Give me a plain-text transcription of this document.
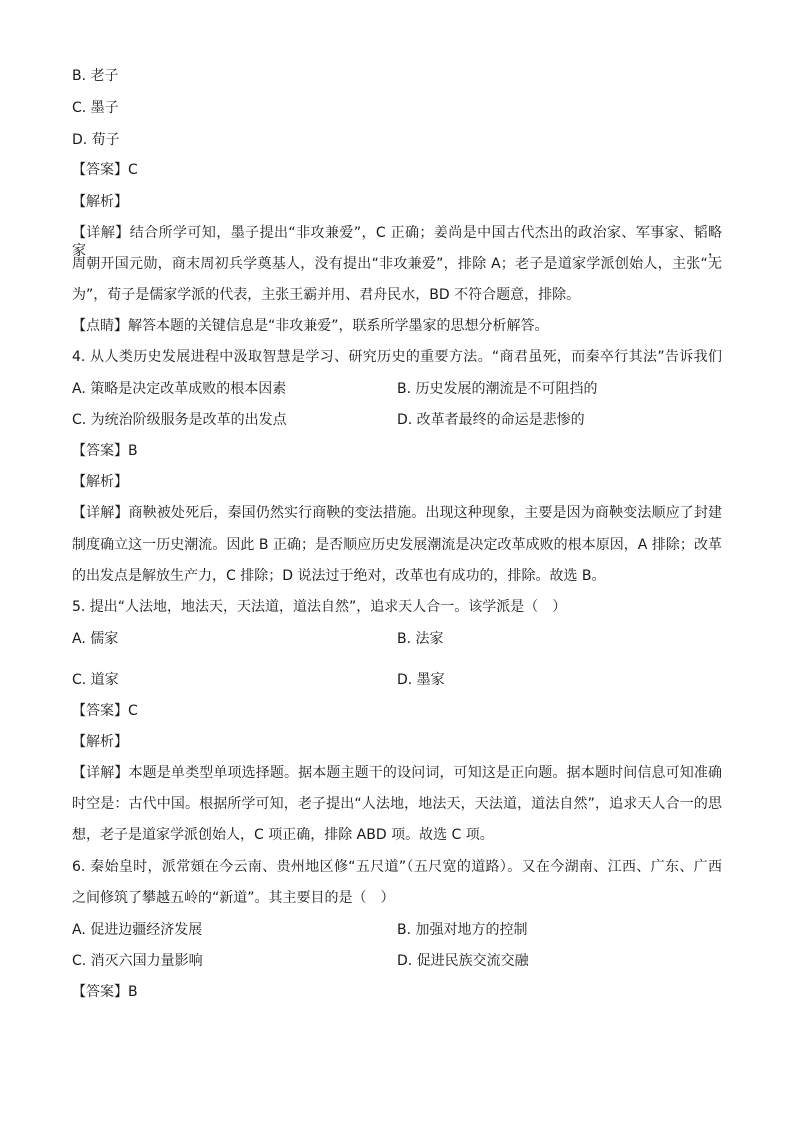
B. 老子
C. 墨子
D. 荀子
【答案】C
【解析】
【详解】结合所学可知，墨子提出“非攻兼爱”，C 正确；姜尚是中国古代杰出的政治家、军事家、韬略家，
周朝开国元勋，商末周初兵学奠基人，没有提出“非攻兼爱”，排除 A；老子是道家学派创始人，主张“无
为”，荀子是儒家学派的代表，主张王霸并用、君舟民水，BD 不符合题意，排除。
【点睛】解答本题的关键信息是“非攻兼爱”，联系所学墨家的思想分析解答。
4. 从人类历史发展进程中汲取智慧是学习、研究历史的重要方法。“商君虽死，而秦卒行其法”告诉我们
A. 策略是决定改革成败的根本因素	B. 历史发展的潮流是不可阻挡的
C. 为统治阶级服务是改革的出发点	D. 改革者最终的命运是悲惨的
【答案】B
【解析】
【详解】商鞅被处死后，秦国仍然实行商鞅的变法措施。出现这种现象，主要是因为商鞅变法顺应了封建
制度确立这一历史潮流。因此 B 正确；是否顺应历史发展潮流是决定改革成败的根本原因，A 排除；改革
的出发点是解放生产力，C 排除；D 说法过于绝对，改革也有成功的，排除。故选 B。
5. 提出“人法地，地法天，天法道，道法自然”，追求天人合一。该学派是（　）
A. 儒家	B. 法家
C. 道家	D. 墨家
【答案】C
【解析】
【详解】本题是单类型单项选择题。据本题主题干的设问词，可知这是正向题。据本题时间信息可知准确
时空是：古代中国。根据所学可知，老子提出“人法地，地法天，天法道，道法自然”，追求天人合一的思
想，老子是道家学派创始人，C 项正确，排除 ABD 项。故选 C 项。
6. 秦始皇时，派常頞在今云南、贵州地区修“五尺道”（五尺宽的道路）。又在今湖南、江西、广东、广西
之间修筑了攀越五岭的“新道”。其主要目的是（　）
A. 促进边疆经济发展	B. 加强对地方的控制
C. 消灭六国力量影响	D. 促进民族交流交融
【答案】B
